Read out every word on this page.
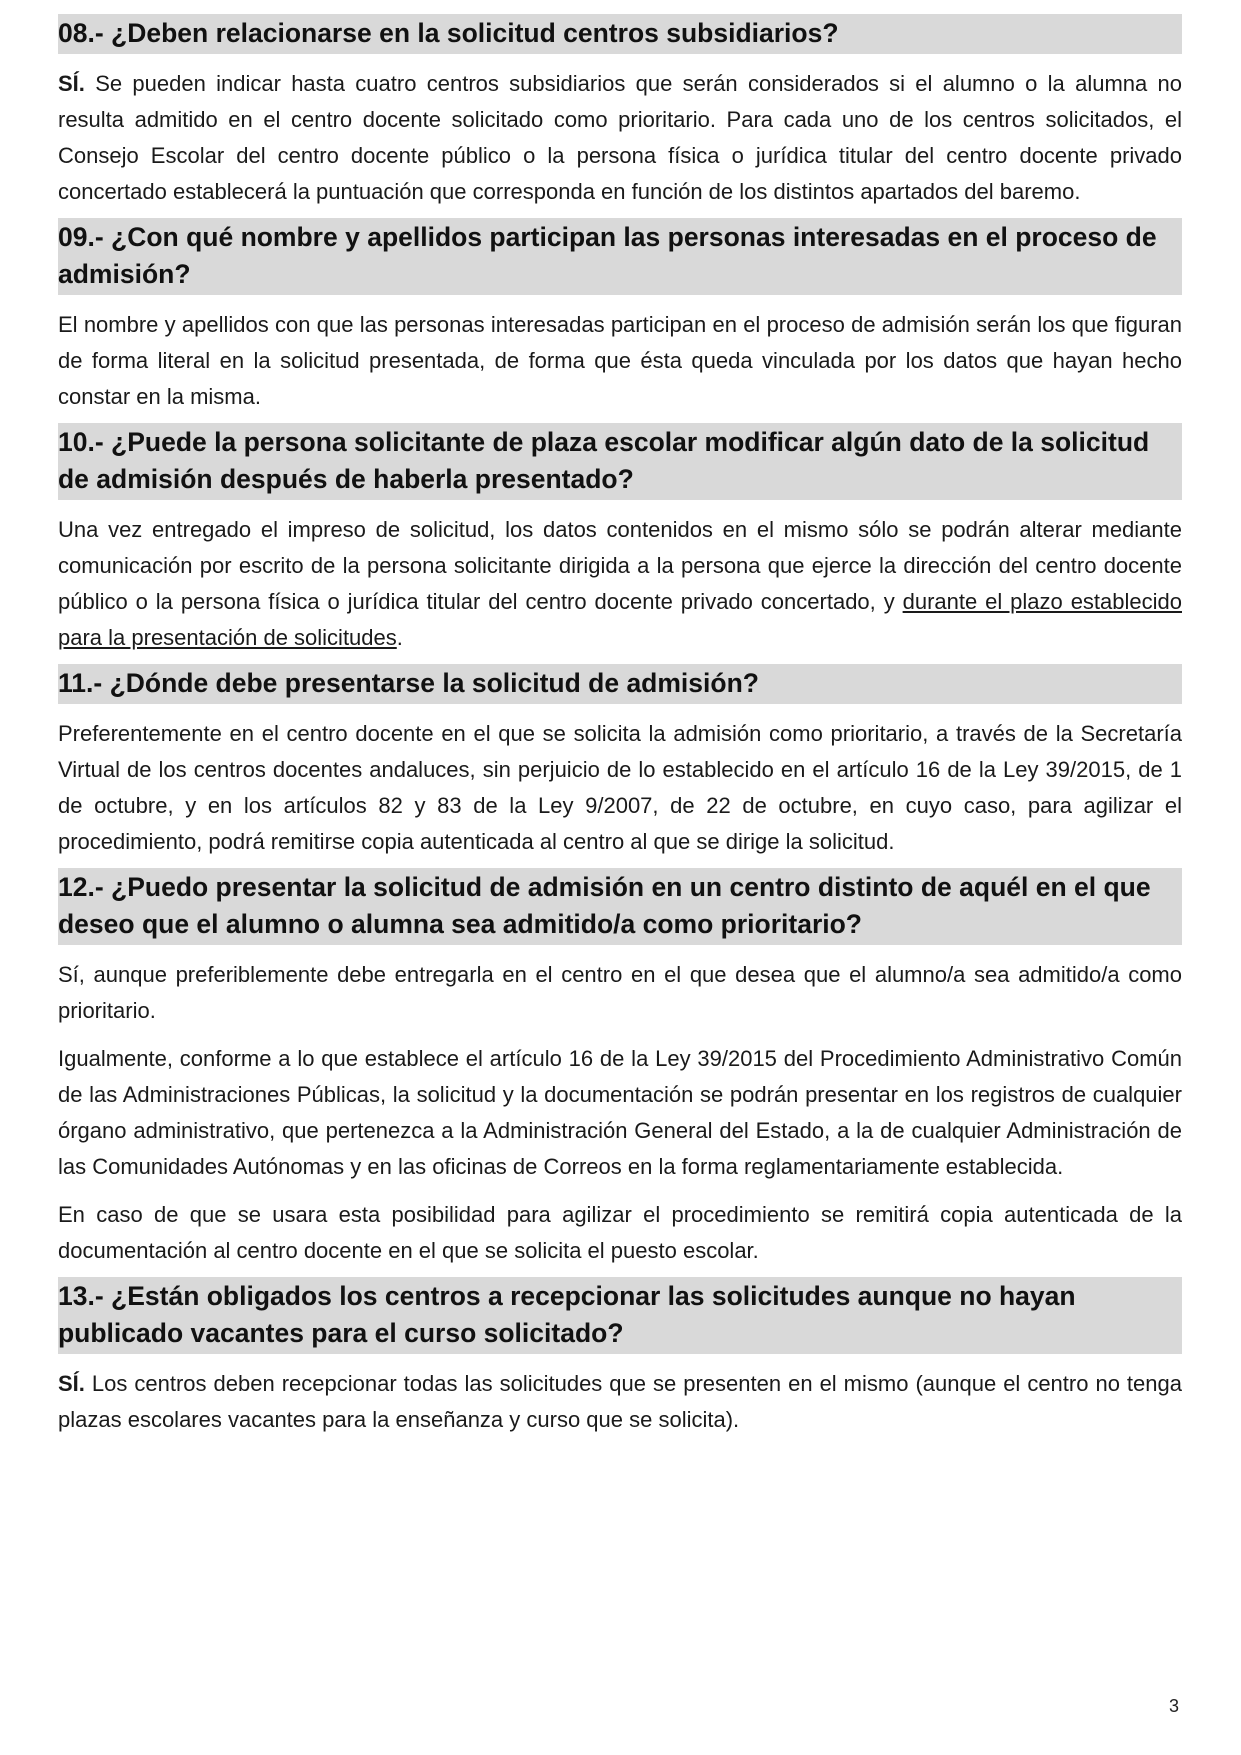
08.- ¿Deben relacionarse en la solicitud centros subsidiarios?

SÍ. Se pueden indicar hasta cuatro centros subsidiarios que serán considerados si el alumno o la alumna no resulta admitido en el centro docente solicitado como prioritario. Para cada uno de los centros solicitados, el Consejo Escolar del centro docente público o la persona física o jurídica titular del centro docente privado concertado establecerá la puntuación que corresponda en función de los distintos apartados del baremo.

09.- ¿Con qué nombre y apellidos participan las personas interesadas en el proceso de admisión?

El nombre y apellidos con que las personas interesadas participan en el proceso de admisión serán los que figuran de forma literal en la solicitud presentada, de forma que ésta queda vinculada por los datos que hayan hecho constar en la misma.

10.- ¿Puede la persona solicitante de plaza escolar modificar algún dato de la solicitud de admisión después de haberla presentado?

Una vez entregado el impreso de solicitud, los datos contenidos en el mismo sólo se podrán alterar mediante comunicación por escrito de la persona solicitante dirigida a la persona que ejerce la dirección del centro docente público o la persona física o jurídica titular del centro docente privado concertado, y durante el plazo establecido para la presentación de solicitudes.

11.- ¿Dónde debe presentarse la solicitud de admisión?

Preferentemente en el centro docente en el que se solicita la admisión como prioritario, a través de la Secretaría Virtual de los centros docentes andaluces, sin perjuicio de lo establecido en el artículo 16 de la Ley 39/2015, de 1 de octubre, y en los artículos 82 y 83 de la Ley 9/2007, de 22 de octubre, en cuyo caso, para agilizar el procedimiento, podrá remitirse copia autenticada al centro al que se dirige la solicitud.

12.- ¿Puedo presentar la solicitud de admisión en un centro distinto de aquél en el que deseo que el alumno o alumna sea admitido/a como prioritario?

Sí, aunque preferiblemente debe entregarla en el centro en el que desea que el alumno/a sea admitido/a como prioritario.

Igualmente, conforme a lo que establece el artículo 16 de la Ley 39/2015 del Procedimiento Administrativo Común de las Administraciones Públicas, la solicitud y la documentación se podrán presentar en los registros de cualquier órgano administrativo, que pertenezca a la Administración General del Estado, a la de cualquier Administración de las Comunidades Autónomas y en las oficinas de Correos en la forma reglamentariamente establecida.

En caso de que se usara esta posibilidad para agilizar el procedimiento se remitirá copia autenticada de la documentación al centro docente en el que se solicita el puesto escolar.

13.- ¿Están obligados los centros a recepcionar las solicitudes aunque no hayan publicado vacantes para el curso solicitado?

SÍ. Los centros deben recepcionar todas las solicitudes que se presenten en el mismo (aunque el centro no tenga plazas escolares vacantes para la enseñanza y curso que se solicita).

3
